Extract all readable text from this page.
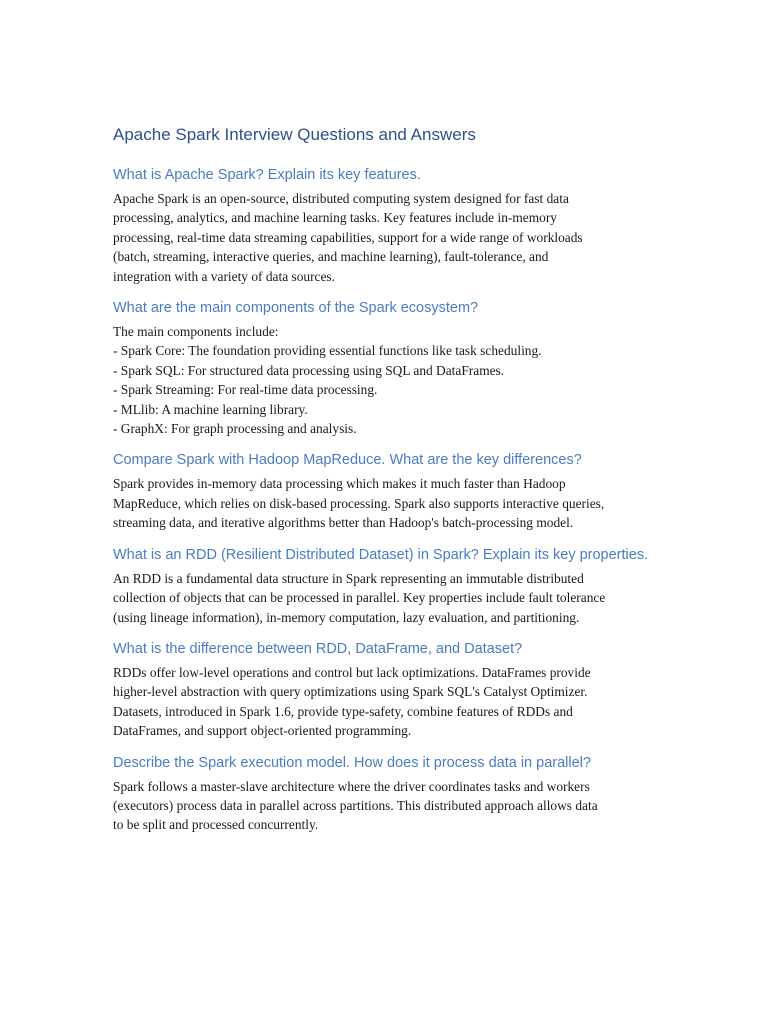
Apache Spark Interview Questions and Answers
What is Apache Spark? Explain its key features.

Apache Spark is an open-source, distributed computing system designed for fast data
processing, analytics, and machine learning tasks. Key features include in-memory
processing, real-time data streaming capabilities, support for a wide range of workloads
(batch, streaming, interactive queries, and machine learning), fault-tolerance, and
integration with a variety of data sources.

What are the main components of the Spark ecosystem?

The main components include:
- Spark Core: The foundation providing essential functions like task scheduling.
- Spark SQL: For structured data processing using SQL and DataFrames.
- Spark Streaming: For real-time data processing.
- MLlib: A machine learning library.
- GraphX: For graph processing and analysis.

Compare Spark with Hadoop MapReduce. What are the key differences?

Spark provides in-memory data processing which makes it much faster than Hadoop
MapReduce, which relies on disk-based processing. Spark also supports interactive queries,
streaming data, and iterative algorithms better than Hadoop's batch-processing model.

What is an RDD (Resilient Distributed Dataset) in Spark? Explain its key properties.

An RDD is a fundamental data structure in Spark representing an immutable distributed
collection of objects that can be processed in parallel. Key properties include fault tolerance
(using lineage information), in-memory computation, lazy evaluation, and partitioning.

What is the difference between RDD, DataFrame, and Dataset?

RDDs offer low-level operations and control but lack optimizations. DataFrames provide
higher-level abstraction with query optimizations using Spark SQL's Catalyst Optimizer.
Datasets, introduced in Spark 1.6, provide type-safety, combine features of RDDs and
DataFrames, and support object-oriented programming.

Describe the Spark execution model. How does it process data in parallel?

Spark follows a master-slave architecture where the driver coordinates tasks and workers
(executors) process data in parallel across partitions. This distributed approach allows data
to be split and processed concurrently.
